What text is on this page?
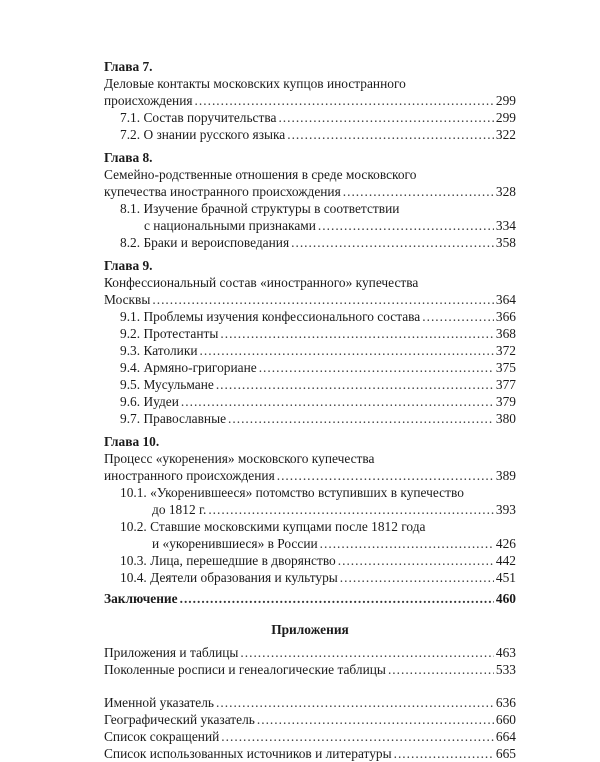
Глава 7.
Деловые контакты московских купцов иностранного
происхождения .....	299
7.1.
Состав поручительства .....	299
7.2.
О знании русского языка .....	322
Глава 8.
Семейно-родственные отношения в среде московского
купечества иностранного происхождения .....	328
8.1. Изучение брачной структуры в соответствии
с национальными признаками .....	334
8.2.
Браки и вероисповедания .....	358
Глава 9.
Конфессиональный состав «иностранного» купечества
Москвы .....	364
9.1.
Проблемы изучения конфессионального состава .....	366
9.2.
Протестанты .....	368
9.3.
Католики .....	372
9.4.
Армяно-григориане .....	375
9.5.
Мусульмане .....	377
9.6.
Иудеи .....	379
9.7.
Православные .....	380
Глава 10.
Процесс «укоренения» московского купечества
иностранного происхождения .....	389
10.1. «Укоренившееся» потомство вступивших в купечество
до 1812 г. .....	393
10.2. Ставшие московскими купцами после 1812 года
и «укоренившиеся» в России .....	426
10.3.
Лица, перешедшие в дворянство .....	442
10.4.
Деятели образования и культуры .....	451
Заключение .....	460
Приложения
Приложения и таблицы .....	463
Поколенные росписи и генеалогические таблицы .....	533
Именной указатель .....	636
Географический указатель .....	660
Список сокращений .....	664
Список использованных источников и литературы .....	665
